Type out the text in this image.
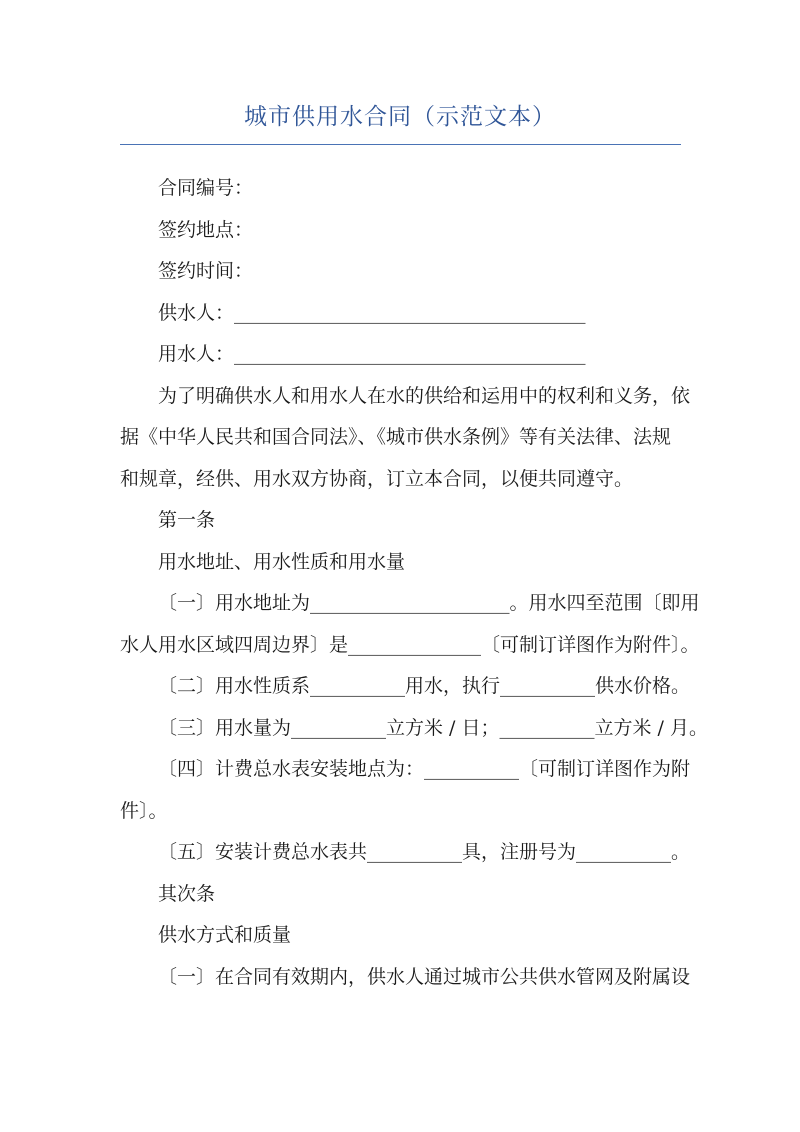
城市供用水合同（示范文本）

合同编号：

签约地点：

签约时间：

供水人：_____________________________________

用水人：_____________________________________

为了明确供水人和用水人在水的供给和运用中的权利和义务，依

据《中华人民共和国合同法》、《城市供水条例》等有关法律、法规

和规章，经供、用水双方协商，订立本合同，以便共同遵守。

第一条

用水地址、用水性质和用水量

〔一〕用水地址为_____________________。用水四至范围〔即用

水人用水区域四周边界〕是______________〔可制订详图作为附件〕。

〔二〕用水性质系__________用水，执行__________供水价格。

〔三〕用水量为__________立方米 / 日；__________立方米 / 月。

〔四〕计费总水表安装地点为：__________〔可制订详图作为附

件〕。

〔五〕安装计费总水表共__________具，注册号为__________。

其次条

供水方式和质量

〔一〕在合同有效期内，供水人通过城市公共供水管网及附属设
